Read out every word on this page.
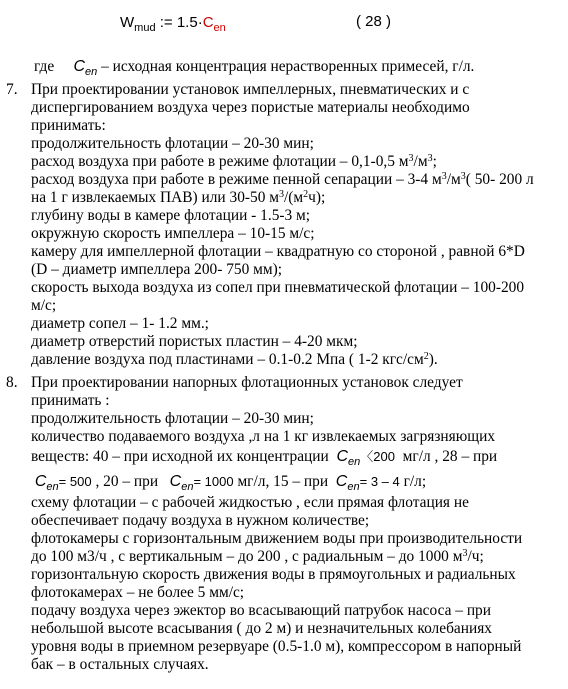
$W_{mud}$ := $1.5\cdot C_{en}$	( 28 )
где $C_{en}$ – исходная концентрация нерастворенных примесей, г/л.
7. При проектировании установок импеллерных, пневматических и с
диспергированием воздуха через пористые материалы необходимо
принимать:
продолжительность флотации – 20-30 мин;
расход воздуха при работе в режиме флотации – 0,1-0,5 $м^3/м^3$;
расход воздуха при работе в режиме пенной сепарации – 3-4 $м^3/м^3$( 50- 200 л
на 1 г извлекаемых ПАВ) или 30-50 $м^3/(м^2ч)$;
глубину воды в камере флотации - 1.5-3 м;
окружную скорость импеллера – 10-15 м/с;
камеру для импеллерной флотации – квадратную со стороной , равной 6*D
(D – диаметр импеллера 200- 750 мм);
скорость выхода воздуха из сопел при пневматической флотации – 100-200
м/с;
диаметр сопел – 1- 1.2 мм.;
диаметр отверстий пористых пластин – 4-20 мкм;
давление воздуха под пластинами – 0.1-0.2 Мпа ( 1-2 кгс/$см^2$).
8. При проектировании напорных флотационных установок следует
принимать :
продолжительность флотации – 20-30 мин;
количество подаваемого воздуха ,л на 1 кг извлекаемых загрязняющих
веществ: 40 – при исходной их концентрации $C_{en}〈200$ мг/л , 28 – при
$C_{en}= 500$ , 20 – при $C_{en}= 1000$ мг/л, 15 – при $C_{en}= 3 - 4$ г/л;
схему флотации – с рабочей жидкостью , если прямая флотация не
обеспечивает подачу воздуха в нужном количестве;
флотокамеры с горизонтальным движением воды при производительности
до 100 м3/ч , с вертикальным – до 200 , с радиальным – до 1000 $м^3/ч$;
горизонтальную скорость движения воды в прямоугольных и радиальных
флотокамерах – не более 5 мм/с;
подачу воздуха через эжектор во всасывающий патрубок насоса – при
небольшой высоте всасывания ( до 2 м) и незначительных колебаниях
уровня воды в приемном резервуаре (0.5-1.0 м), компрессором в напорный
бак – в остальных случаях.
